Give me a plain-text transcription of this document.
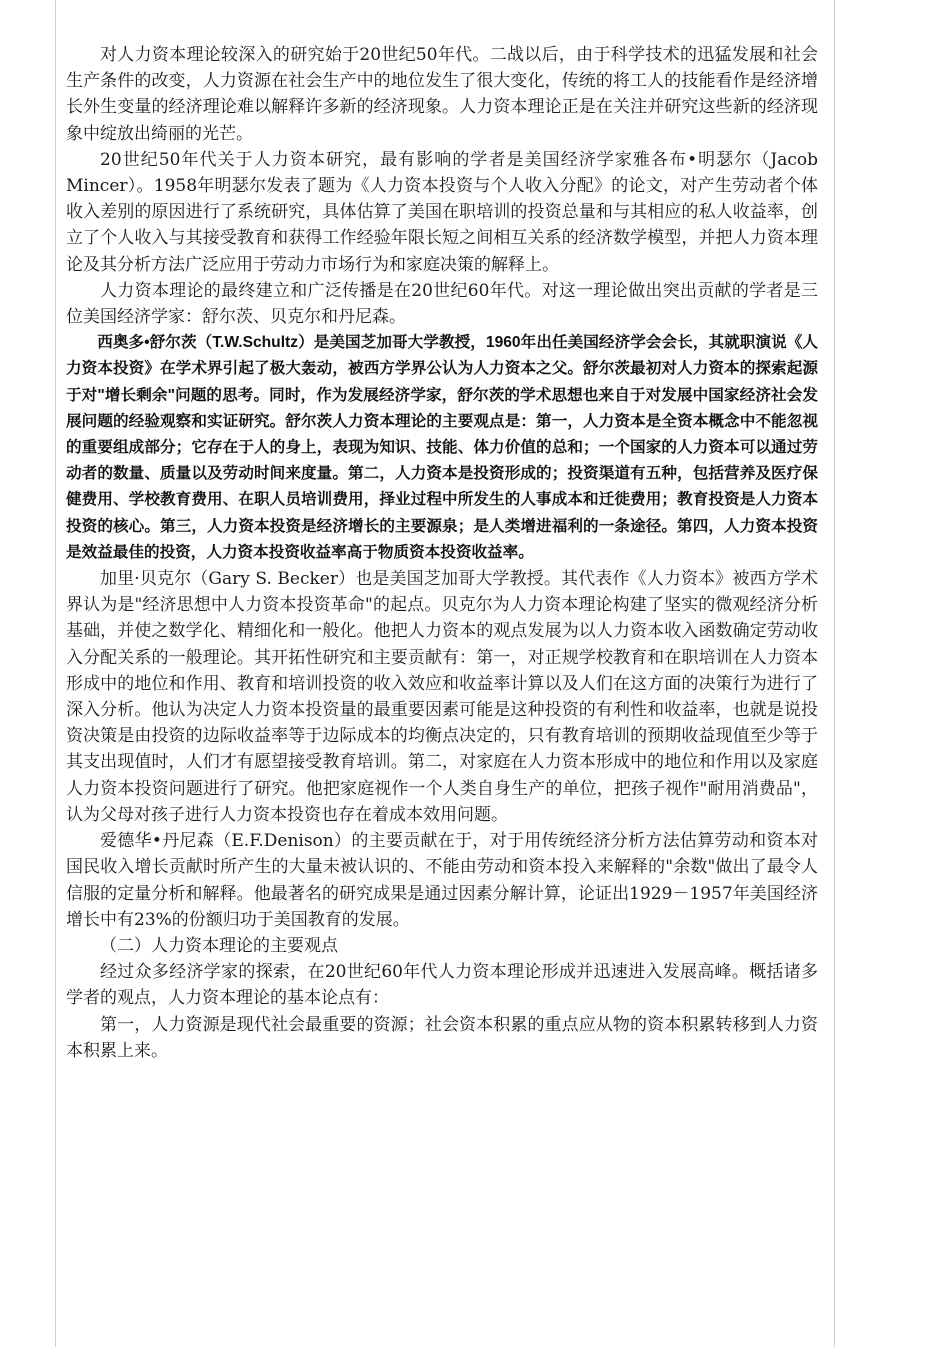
对人力资本理论较深入的研究始于20世纪50年代。二战以后，由于科学技术的迅猛发展和社会生产条件的改变，人力资源在社会生产中的地位发生了很大变化，传统的将工人的技能看作是经济增长外生变量的经济理论难以解释许多新的经济现象。人力资本理论正是在关注并研究这些新的经济现象中绽放出绮丽的光芒。

20世纪50年代关于人力资本研究，最有影响的学者是美国经济学家雅各布•明瑟尔（Jacob Mincer）。1958年明瑟尔发表了题为《人力资本投资与个人收入分配》的论文，对产生劳动者个体收入差别的原因进行了系统研究，具体估算了美国在职培训的投资总量和与其相应的私人收益率，创立了个人收入与其接受教育和获得工作经验年限长短之间相互关系的经济数学模型，并把人力资本理论及其分析方法广泛应用于劳动力市场行为和家庭决策的解释上。

人力资本理论的最终建立和广泛传播是在20世纪60年代。对这一理论做出突出贡献的学者是三位美国经济学家：舒尔茨、贝克尔和丹尼森。

西奥多•舒尔茨（T.W.Schultz）是美国芝加哥大学教授，1960年出任美国经济学会会长，其就职演说《人力资本投资》在学术界引起了极大轰动，被西方学界公认为人力资本之父。舒尔茨最初对人力资本的探索起源于对"增长剩余"问题的思考。同时，作为发展经济学家，舒尔茨的学术思想也来自于对发展中国家经济社会发展问题的经验观察和实证研究。舒尔茨人力资本理论的主要观点是：第一，人力资本是全资本概念中不能忽视的重要组成部分；它存在于人的身上，表现为知识、技能、体力价值的总和；一个国家的人力资本可以通过劳动者的数量、质量以及劳动时间来度量。第二，人力资本是投资形成的；投资渠道有五种，包括营养及医疗保健费用、学校教育费用、在职人员培训费用，择业过程中所发生的人事成本和迁徙费用；教育投资是人力资本投资的核心。第三，人力资本投资是经济增长的主要源泉；是人类增进福利的一条途径。第四，人力资本投资是效益最佳的投资，人力资本投资收益率高于物质资本投资收益率。

加里·贝克尔（Gary S. Becker）也是美国芝加哥大学教授。其代表作《人力资本》被西方学术界认为是"经济思想中人力资本投资革命"的起点。贝克尔为人力资本理论构建了坚实的微观经济分析基础，并使之数学化、精细化和一般化。他把人力资本的观点发展为以人力资本收入函数确定劳动收入分配关系的一般理论。其开拓性研究和主要贡献有：第一，对正规学校教育和在职培训在人力资本形成中的地位和作用、教育和培训投资的收入效应和收益率计算以及人们在这方面的决策行为进行了深入分析。他认为决定人力资本投资量的最重要因素可能是这种投资的有利性和收益率，也就是说投资决策是由投资的边际收益率等于边际成本的均衡点决定的，只有教育培训的预期收益现值至少等于其支出现值时，人们才有愿望接受教育培训。第二，对家庭在人力资本形成中的地位和作用以及家庭人力资本投资问题进行了研究。他把家庭视作一个人类自身生产的单位，把孩子视作"耐用消费品"，认为父母对孩子进行人力资本投资也存在着成本效用问题。

爱德华•丹尼森（E.F.Denison）的主要贡献在于，对于用传统经济分析方法估算劳动和资本对国民收入增长贡献时所产生的大量未被认识的、不能由劳动和资本投入来解释的"余数"做出了最令人信服的定量分析和解释。他最著名的研究成果是通过因素分解计算，论证出1929－1957年美国经济增长中有23%的份额归功于美国教育的发展。

（二）人力资本理论的主要观点

经过众多经济学家的探索，在20世纪60年代人力资本理论形成并迅速进入发展高峰。概括诸多学者的观点，人力资本理论的基本论点有：

第一，人力资源是现代社会最重要的资源；社会资本积累的重点应从物的资本积累转移到人力资本积累上来。
